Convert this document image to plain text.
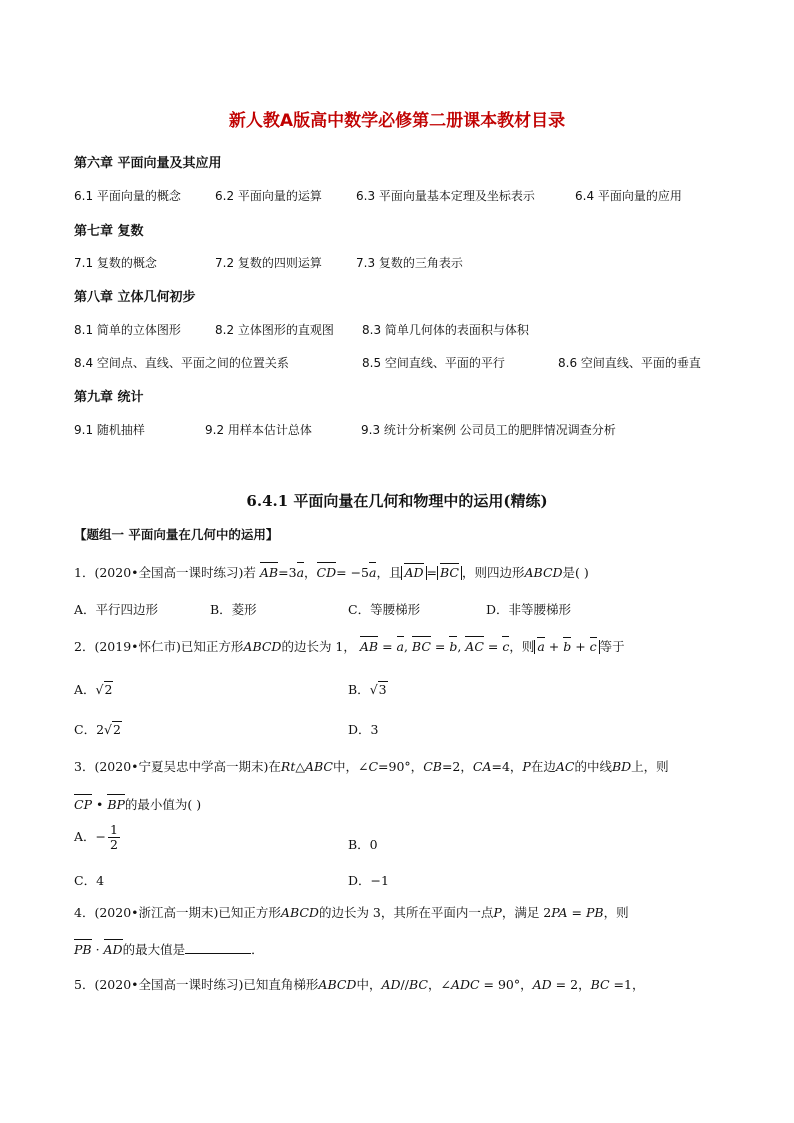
新人教A版高中数学必修第二册课本教材目录
第六章 平面向量及其应用
6.1 平面向量的概念	6.2 平面向量的运算	6.3 平面向量基本定理及坐标表示	6.4 平面向量的应用
第七章 复数
7.1 复数的概念	7.2 复数的四则运算	7.3 复数的三角表示
第八章 立体几何初步
8.1 简单的立体图形	8.2 立体图形的直观图 8.3 简单几何体的表面积与体积
8.4 空间点、直线、平面之间的位置关系	8.5 空间直线、平面的平行	8.6 空间直线、平面的垂直
第九章 统计
9.1 随机抽样	9.2 用样本估计总体	9.3 统计分析案例 公司员工的肥胖情况调查分析
6.4.1 平面向量在几何和物理中的运用(精练)
【题组一 平面向量在几何中的运用】
1．(2020•全国高一课时练习)若 AB=3a，CD= −5a，且 AD = BC ，则四边形ABCD是( )
A．平行四边形	B．菱形	C．等腰梯形	D．非等腰梯形
2．(2019•怀仁市)已知正方形ABCD的边长为 1， AB = a, BC = b, AC = c，则 a + b + c 等于
A．√2	B．√3
C．2√2	D．3
3．(2020•宁夏吴忠中学高一期末)在Rt△ABC中，∠C=90°，CB=2，CA=4，P在边AC的中线BD上，则
CP • BP的最小值为( )
A．− $\frac{1}{2}$	B．0
C．4	D．−1
4．(2020•浙江高一期末)已知正方形ABCD的边长为 3，其所在平面内一点P，满足 2PA = PB，则
PB · AD的最大值是	．
5．(2020•全国高一课时练习)已知直角梯形ABCD中，AD//BC，∠ADC = 90°，AD = 2，BC =1，
